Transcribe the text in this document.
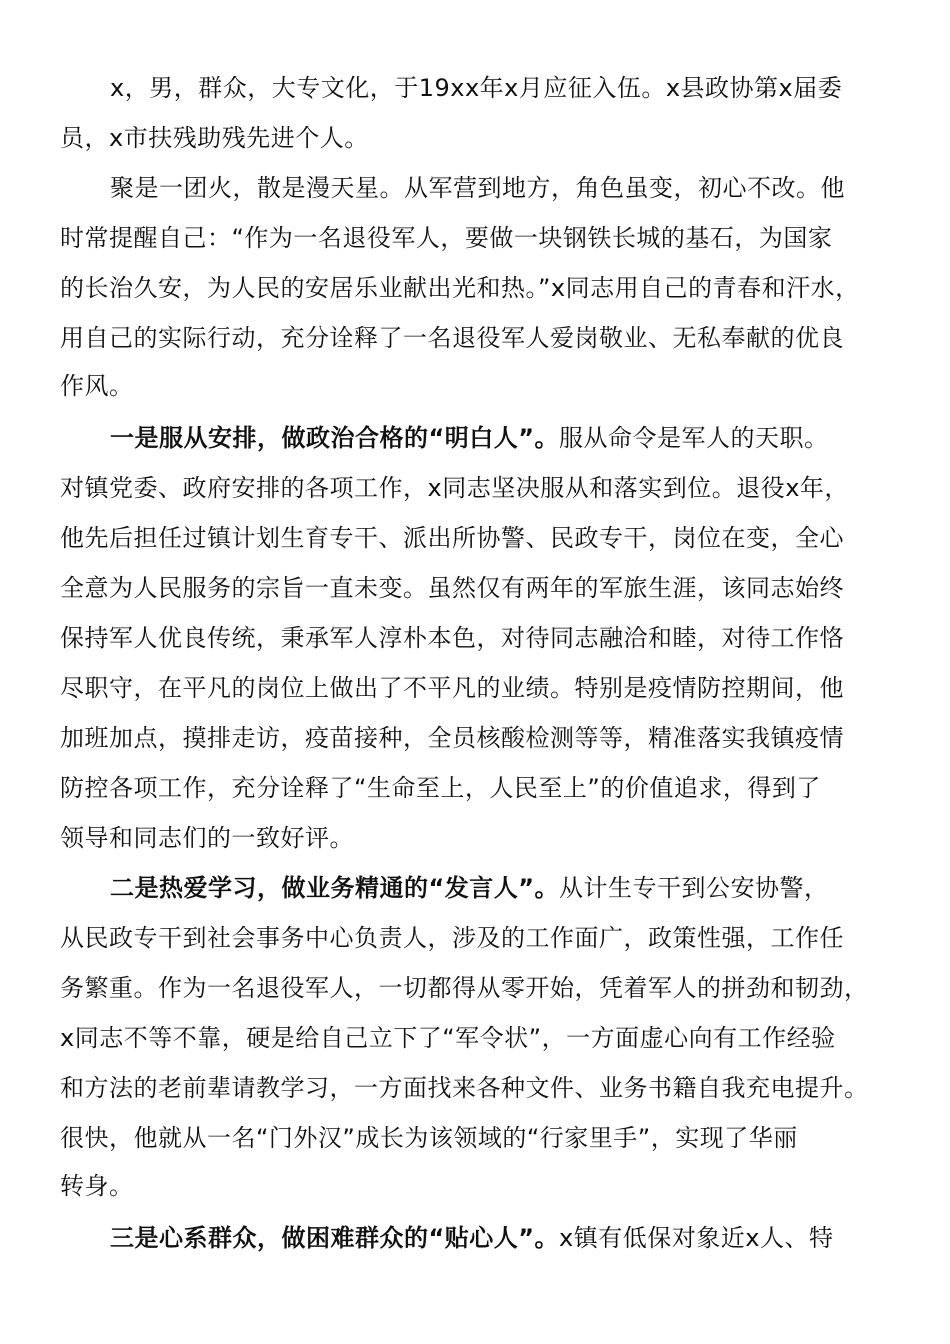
x，男，群众，大专文化，于19xx年x月应征入伍。x县政协第x届委
员，x市扶残助残先进个人。
聚是一团火，散是漫天星。从军营到地方，角色虽变，初心不改。他
时常提醒自己：“作为一名退役军人，要做一块钢铁长城的基石，为国家
的长治久安，为人民的安居乐业献出光和热。”x同志用自己的青春和汗水，
用自己的实际行动，充分诠释了一名退役军人爱岗敬业、无私奉献的优良
作风。
一是服从安排，做政治合格的“明白人”。服从命令是军人的天职。
对镇党委、政府安排的各项工作，x同志坚决服从和落实到位。退役x年，
他先后担任过镇计划生育专干、派出所协警、民政专干，岗位在变，全心
全意为人民服务的宗旨一直未变。虽然仅有两年的军旅生涯，该同志始终
保持军人优良传统，秉承军人淳朴本色，对待同志融洽和睦，对待工作恪
尽职守，在平凡的岗位上做出了不平凡的业绩。特别是疫情防控期间，他
加班加点，摸排走访，疫苗接种，全员核酸检测等等，精准落实我镇疫情
防控各项工作，充分诠释了“生命至上，人民至上”的价值追求，得到了
领导和同志们的一致好评。
二是热爱学习，做业务精通的“发言人”。从计生专干到公安协警，
从民政专干到社会事务中心负责人，涉及的工作面广，政策性强，工作任
务繁重。作为一名退役军人，一切都得从零开始，凭着军人的拼劲和韧劲，
x同志不等不靠，硬是给自己立下了“军令状”，一方面虚心向有工作经验
和方法的老前辈请教学习，一方面找来各种文件、业务书籍自我充电提升。
很快，他就从一名“门外汉”成长为该领域的“行家里手”，实现了华丽
转身。
三是心系群众，做困难群众的“贴心人”。x镇有低保对象近x人、特
